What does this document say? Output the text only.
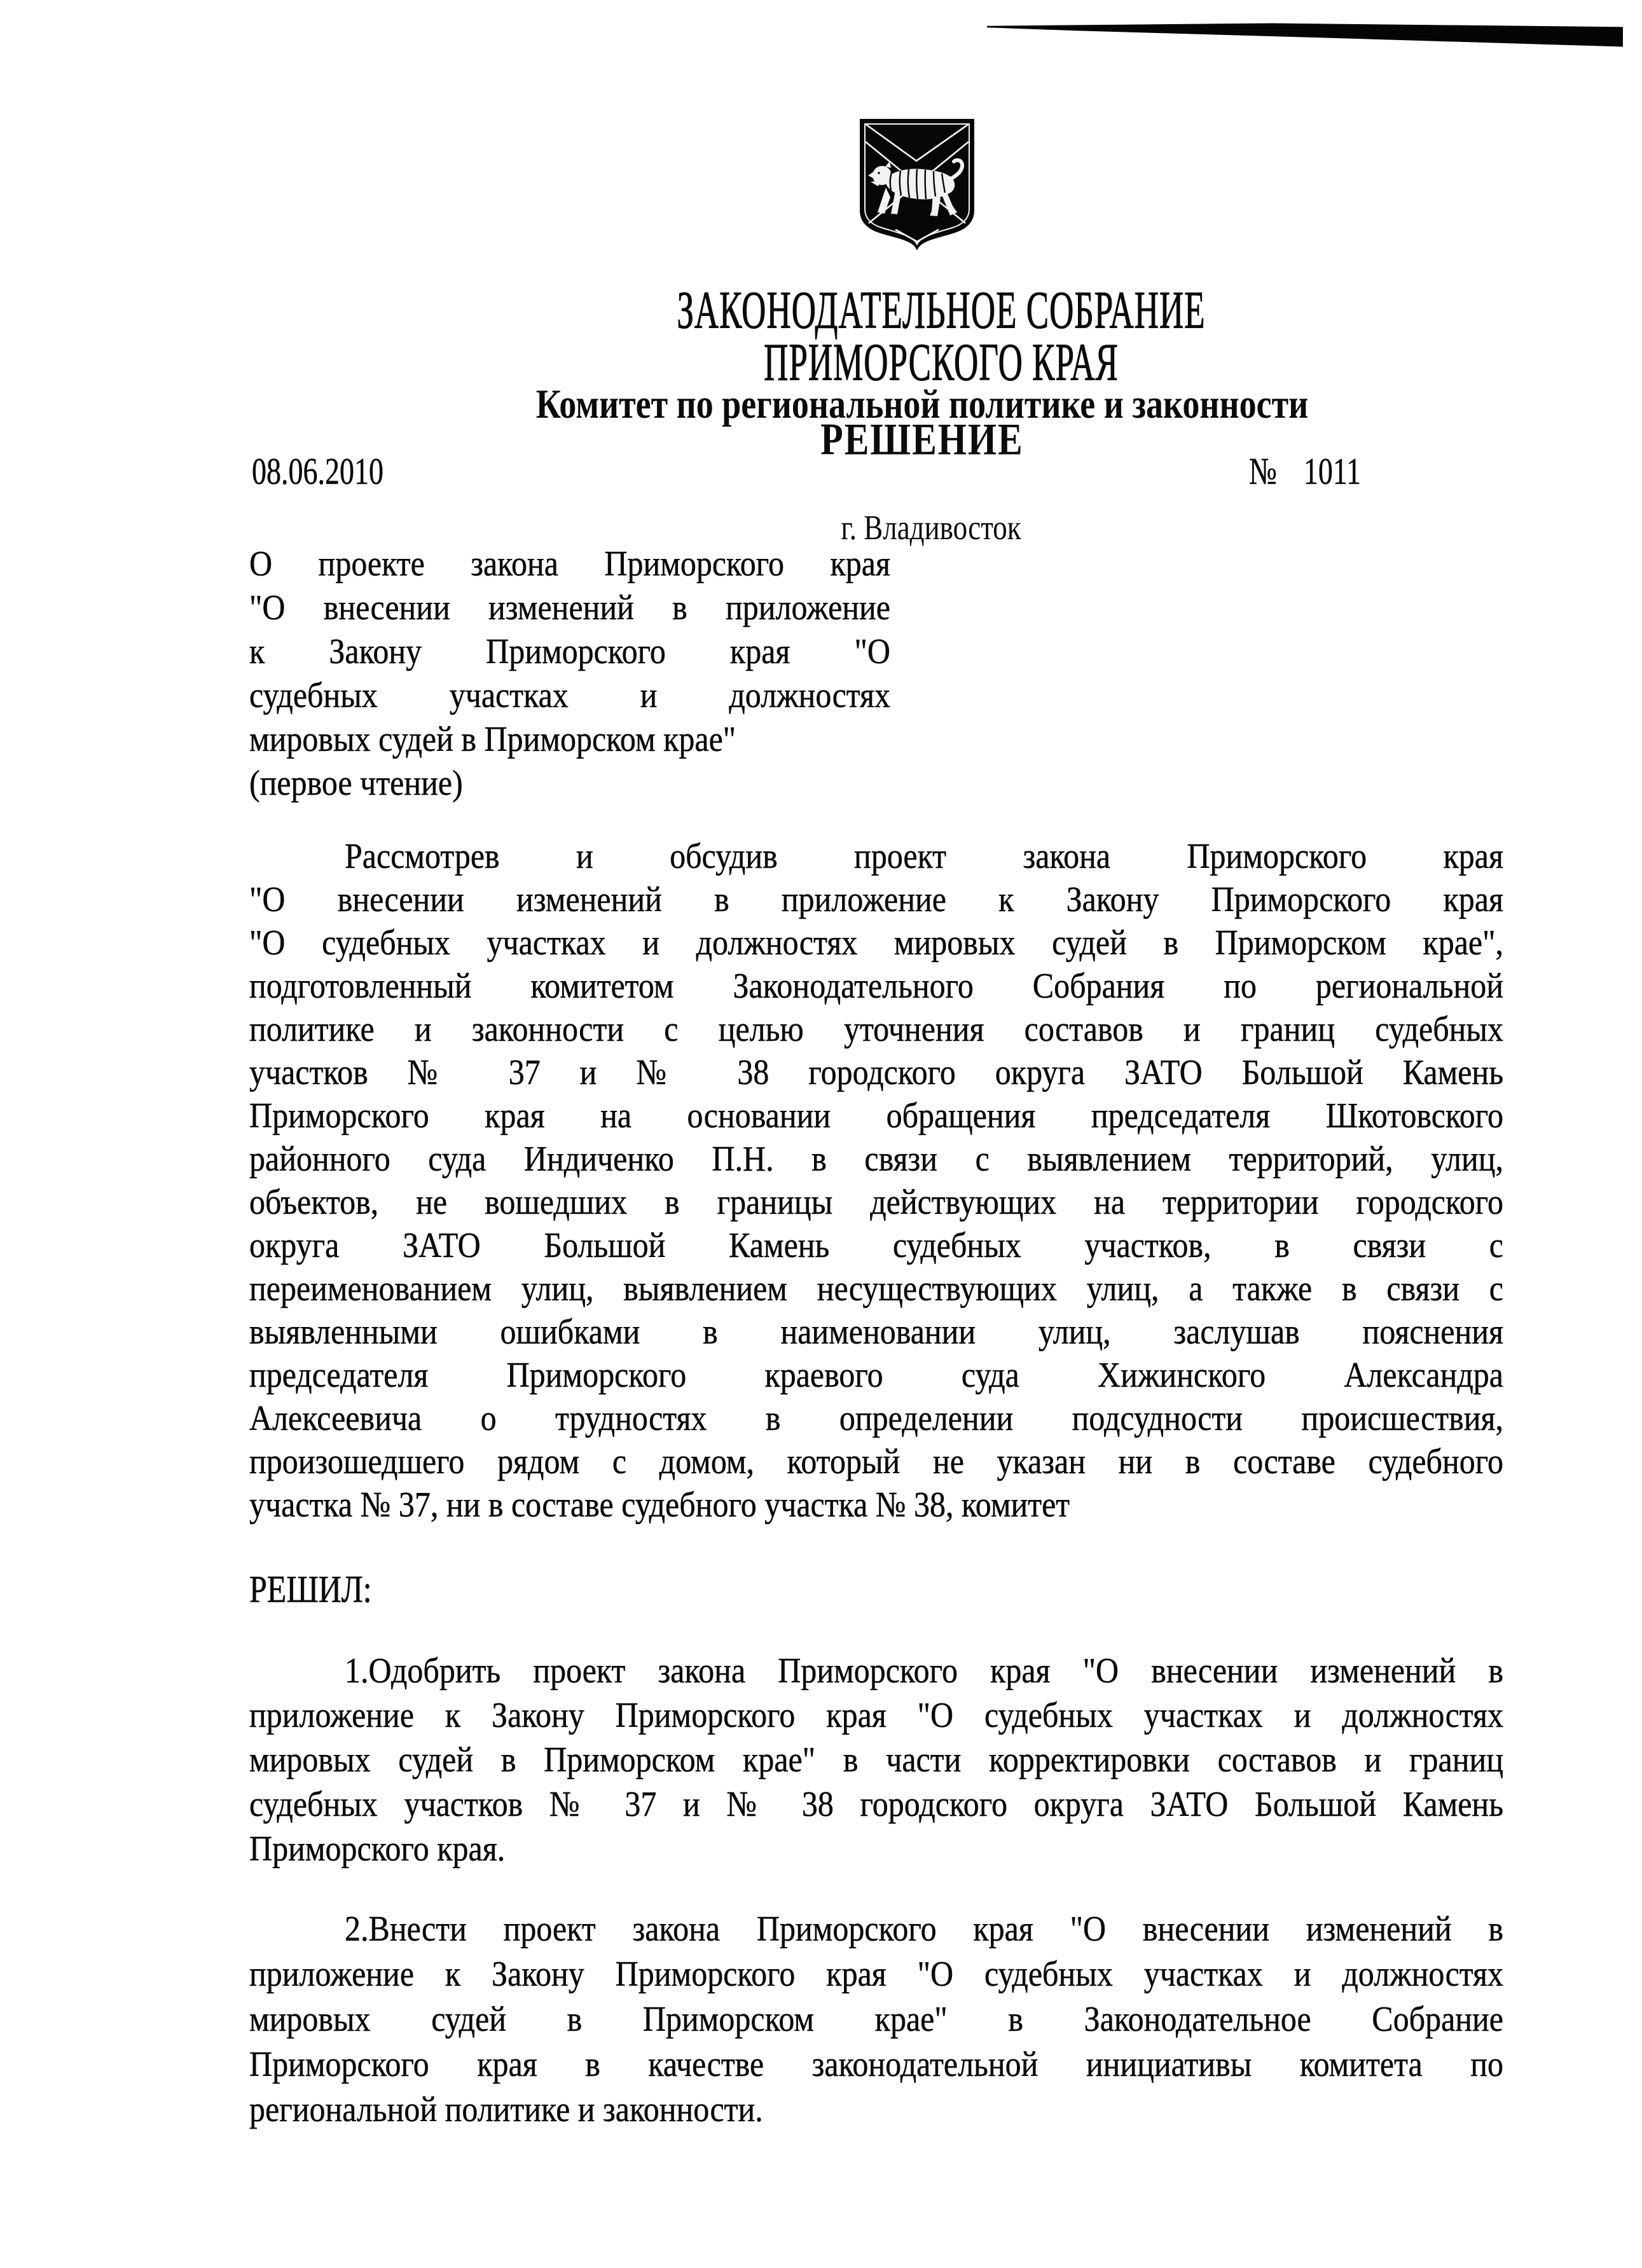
ЗАКОНОДАТЕЛЬНОЕ СОБРАНИЕ
ПРИМОРСКОГО КРАЯ
Комитет по региональной политике и законности
РЕШЕНИЕ
08.06.2010	№ 1011
г. Владивосток
О проекте закона Приморского края
"О внесении изменений в приложение
к Закону Приморского края "О
судебных участках и должностях
мировых судей в Приморском крае"
(первое чтение)
Рассмотрев и обсудив проект закона Приморского края
"О внесении изменений в приложение к Закону Приморского края
"О судебных участках и должностях мировых судей в Приморском крае",
подготовленный комитетом Законодательного Собрания по региональной
политике и законности с целью уточнения составов и границ судебных
участков № 37 и № 38 городского округа ЗАТО Большой Камень
Приморского края на основании обращения председателя Шкотовского
районного суда Индиченко П.Н. в связи с выявлением территорий, улиц,
объектов, не вошедших в границы действующих на территории городского
округа ЗАТО Большой Камень судебных участков, в связи с
переименованием улиц, выявлением несуществующих улиц, а также в связи с
выявленными ошибками в наименовании улиц, заслушав пояснения
председателя Приморского краевого суда Хижинского Александра
Алексеевича о трудностях в определении подсудности происшествия,
произошедшего рядом с домом, который не указан ни в составе судебного
участка № 37, ни в составе судебного участка № 38, комитет
РЕШИЛ:
1.Одобрить проект закона Приморского края "О внесении изменений в
приложение к Закону Приморского края "О судебных участках и должностях
мировых судей в Приморском крае" в части корректировки составов и границ
судебных участков № 37 и № 38 городского округа ЗАТО Большой Камень
Приморского края.
2.Внести проект закона Приморского края "О внесении изменений в
приложение к Закону Приморского края "О судебных участках и должностях
мировых судей в Приморском крае" в Законодательное Собрание
Приморского края в качестве законодательной инициативы комитета по
региональной политике и законности.
